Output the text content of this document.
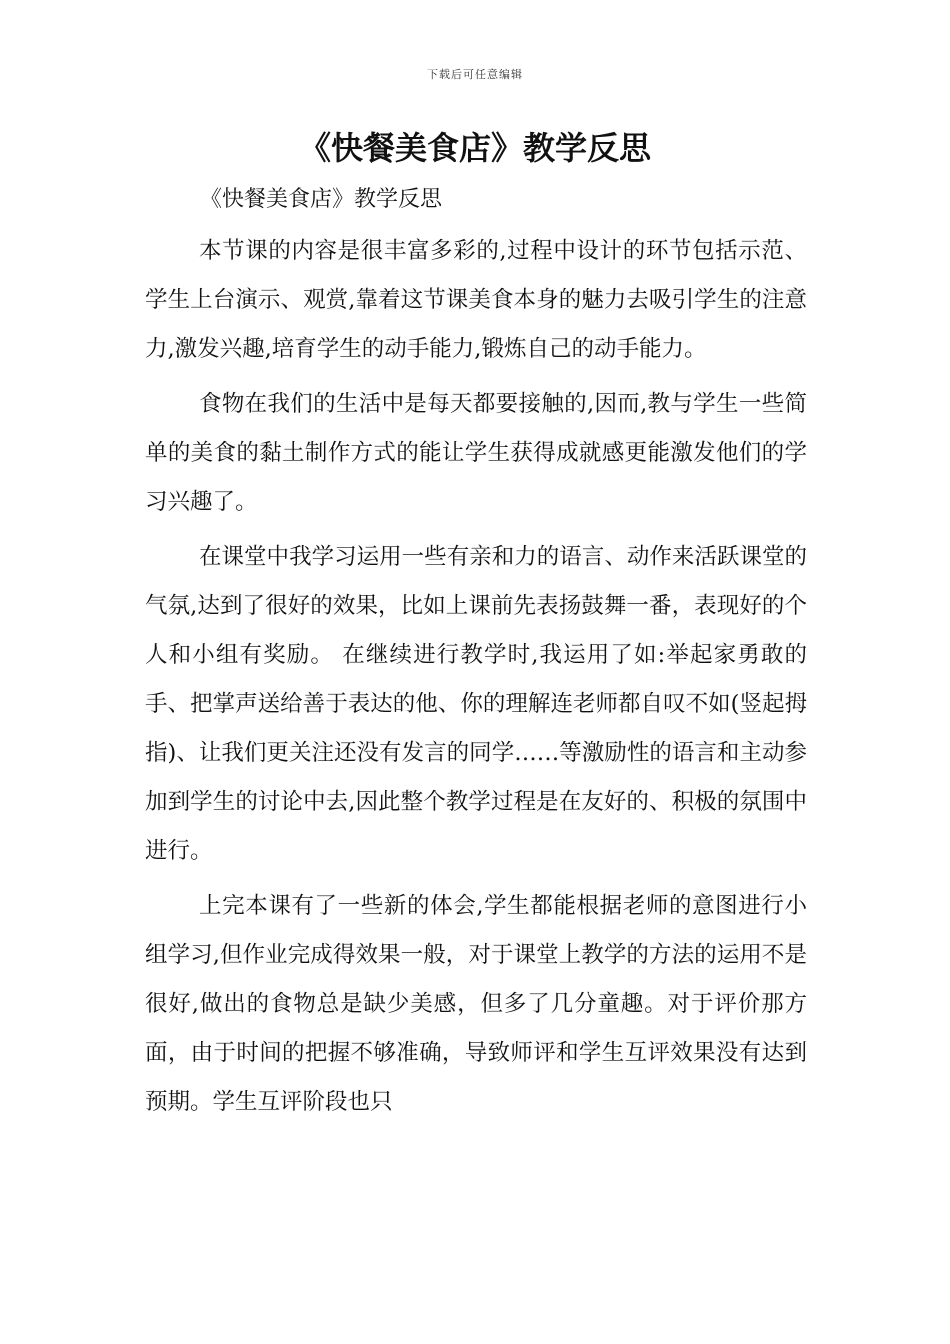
下载后可任意编辑
《快餐美食店》教学反思

《快餐美食店》教学反思

本节课的内容是很丰富多彩的,过程中设计的环节包括示范、学生上台演示、观赏,靠着这节课美食本身的魅力去吸引学生的注意力,激发兴趣,培育学生的动手能力,锻炼自己的动手能力。

食物在我们的生活中是每天都要接触的,因而,教与学生一些简单的美食的黏土制作方式的能让学生获得成就感更能激发他们的学习兴趣了。

在课堂中我学习运用一些有亲和力的语言、动作来活跃课堂的气氛,达到了很好的效果，比如上课前先表扬鼓舞一番，表现好的个人和小组有奖励。 在继续进行教学时,我运用了如:举起家勇敢的手、把掌声送给善于表达的他、你的理解连老师都自叹不如(竖起拇指)、让我们更关注还没有发言的同学……等激励性的语言和主动参加到学生的讨论中去,因此整个教学过程是在友好的、积极的氛围中进行。

上完本课有了一些新的体会,学生都能根据老师的意图进行小组学习,但作业完成得效果一般，对于课堂上教学的方法的运用不是很好,做出的食物总是缺少美感，但多了几分童趣。对于评价那方面，由于时间的把握不够准确，导致师评和学生互评效果没有达到预期。学生互评阶段也只
